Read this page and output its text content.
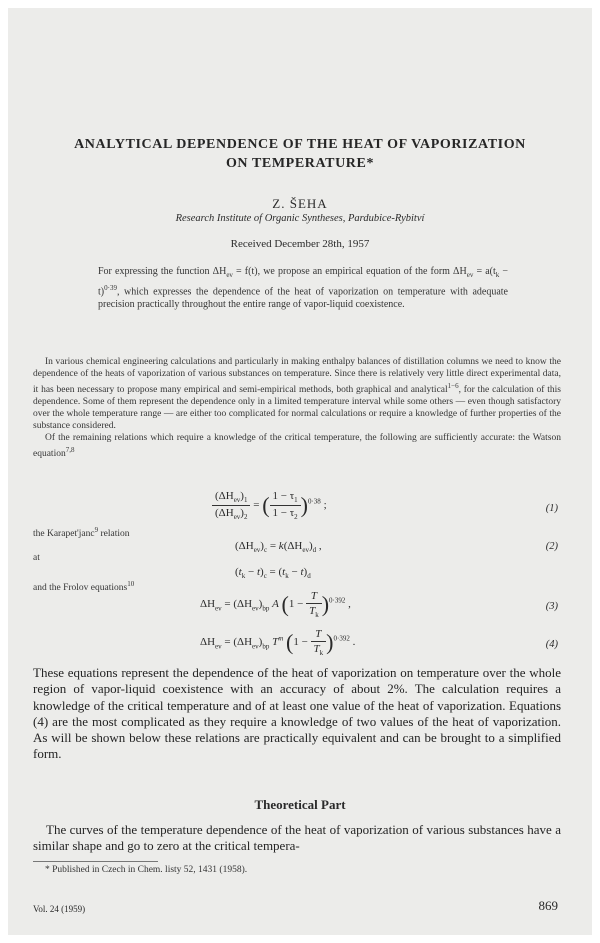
ANALYTICAL DEPENDENCE OF THE HEAT OF VAPORIZATION
ON TEMPERATURE*
Z. ŠEHA
Research Institute of Organic Syntheses, Pardubice-Rybitví
Received December 28th, 1957
For expressing the function $\Delta H_{ev} = f(t)$, we propose an empirical equation of the form $\Delta H_{ev} = a(t_k - t)^{0\cdot 39}$, which expresses the dependence of the heat of vaporization on temperature with adequate precision practically throughout the entire range of vapor-liquid coexistence.

In various chemical engineering calculations and particularly in making enthalpy balances of distillation columns we need to know the dependence of the heats of vaporization of various substances on temperature. Since there is relatively very little direct experimental data, it has been necessary to propose many empirical and semi-empirical methods, both graphical and analytical$^{1-6}$, for the calculation of this dependence. Some of them represent the dependence only in a limited temperature interval while some others — even though satisfactory over the whole temperature range — are either too complicated for normal calculations or require a knowledge of further properties of the substance considered.

Of the remaining relations which require a knowledge of the critical temperature, the following are sufficiently accurate: the Watson equation$^{7,8}$

$\frac{(\Delta H_{ev})_1}{(\Delta H_{ev})_2}$ = ( $\frac{1 - \tau_1}{1 - \tau_2} )^{0\cdot 38}$ ;	(1)
the Karapet'janc$^9$ relation
$(\Delta H_{ev})_c = k(\Delta H_{ev})_d$ ,	(2)
at
$(t_k - t)_c = (t_k - t)_d$
and the Frolov equations$^{10}$
$\Delta H_{ev} = (\Delta H_{ev})_{bp}$ A $(1 - \frac{T}{T_k} )^{0\cdot 392}$ ,	(3)
$\Delta H_{ev} = (\Delta H_{ev})_{bp}$ $T^m$ $(1 - \frac{T}{T_k} )^{0\cdot 392}$ .	(4)
These equations represent the dependence of the heat of vaporization on temperature over the whole region of vapor-liquid coexistence with an accuracy of about 2%. The calculation requires a knowledge of the critical temperature and of at least one value of the heat of vaporization. Equations (4) are the most complicated as they require a knowledge of two values of the heat of vaporization. As will be shown below these relations are practically equivalent and can be brought to a simplified form.
Theoretical Part
The curves of the temperature dependence of the heat of vaporization of various substances have a similar shape and go to zero at the critical tempera-
* Published in Czech in Chem. listy 52, 1431 (1958).
Vol. 24 (1959)	869
